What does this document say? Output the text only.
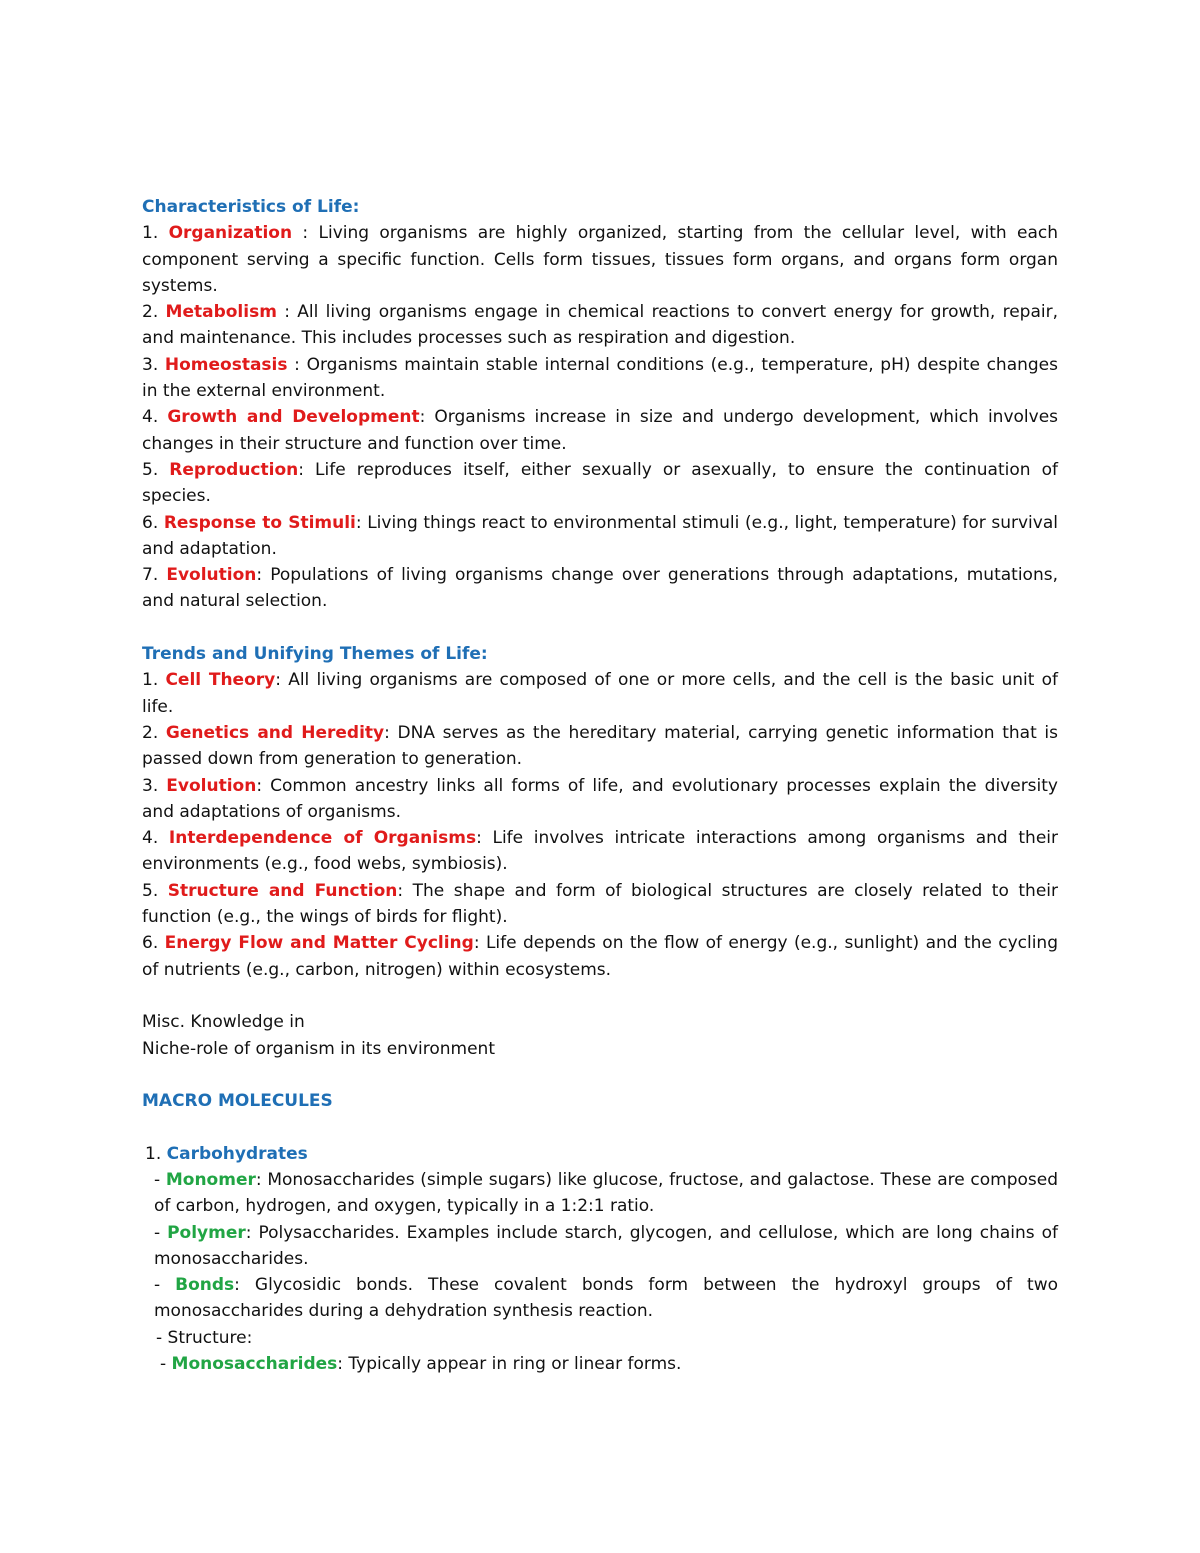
Characteristics of Life:
1. Organization : Living organisms are highly organized, starting from the cellular level, with each component serving a specific function. Cells form tissues, tissues form organs, and organs form organ systems.
2. Metabolism : All living organisms engage in chemical reactions to convert energy for growth, repair, and maintenance. This includes processes such as respiration and digestion.
3. Homeostasis : Organisms maintain stable internal conditions (e.g., temperature, pH) despite changes in the external environment.
4. Growth and Development: Organisms increase in size and undergo development, which involves changes in their structure and function over time.
5. Reproduction: Life reproduces itself, either sexually or asexually, to ensure the continuation of species.
6. Response to Stimuli: Living things react to environmental stimuli (e.g., light, temperature) for survival and adaptation.
7. Evolution: Populations of living organisms change over generations through adaptations, mutations, and natural selection.
Trends and Unifying Themes of Life:
1. Cell Theory: All living organisms are composed of one or more cells, and the cell is the basic unit of life.
2. Genetics and Heredity: DNA serves as the hereditary material, carrying genetic information that is passed down from generation to generation.
3. Evolution: Common ancestry links all forms of life, and evolutionary processes explain the diversity and adaptations of organisms.
4. Interdependence of Organisms: Life involves intricate interactions among organisms and their environments (e.g., food webs, symbiosis).
5. Structure and Function: The shape and form of biological structures are closely related to their function (e.g., the wings of birds for flight).
6. Energy Flow and Matter Cycling: Life depends on the flow of energy (e.g., sunlight) and the cycling of nutrients (e.g., carbon, nitrogen) within ecosystems.
Misc. Knowledge in
Niche-role of organism in its environment
MACRO MOLECULES
1. Carbohydrates
- Monomer: Monosaccharides (simple sugars) like glucose, fructose, and galactose. These are composed of carbon, hydrogen, and oxygen, typically in a 1:2:1 ratio.
- Polymer: Polysaccharides. Examples include starch, glycogen, and cellulose, which are long chains of monosaccharides.
- Bonds: Glycosidic bonds. These covalent bonds form between the hydroxyl groups of two monosaccharides during a dehydration synthesis reaction.
- Structure:
- Monosaccharides: Typically appear in ring or linear forms.
